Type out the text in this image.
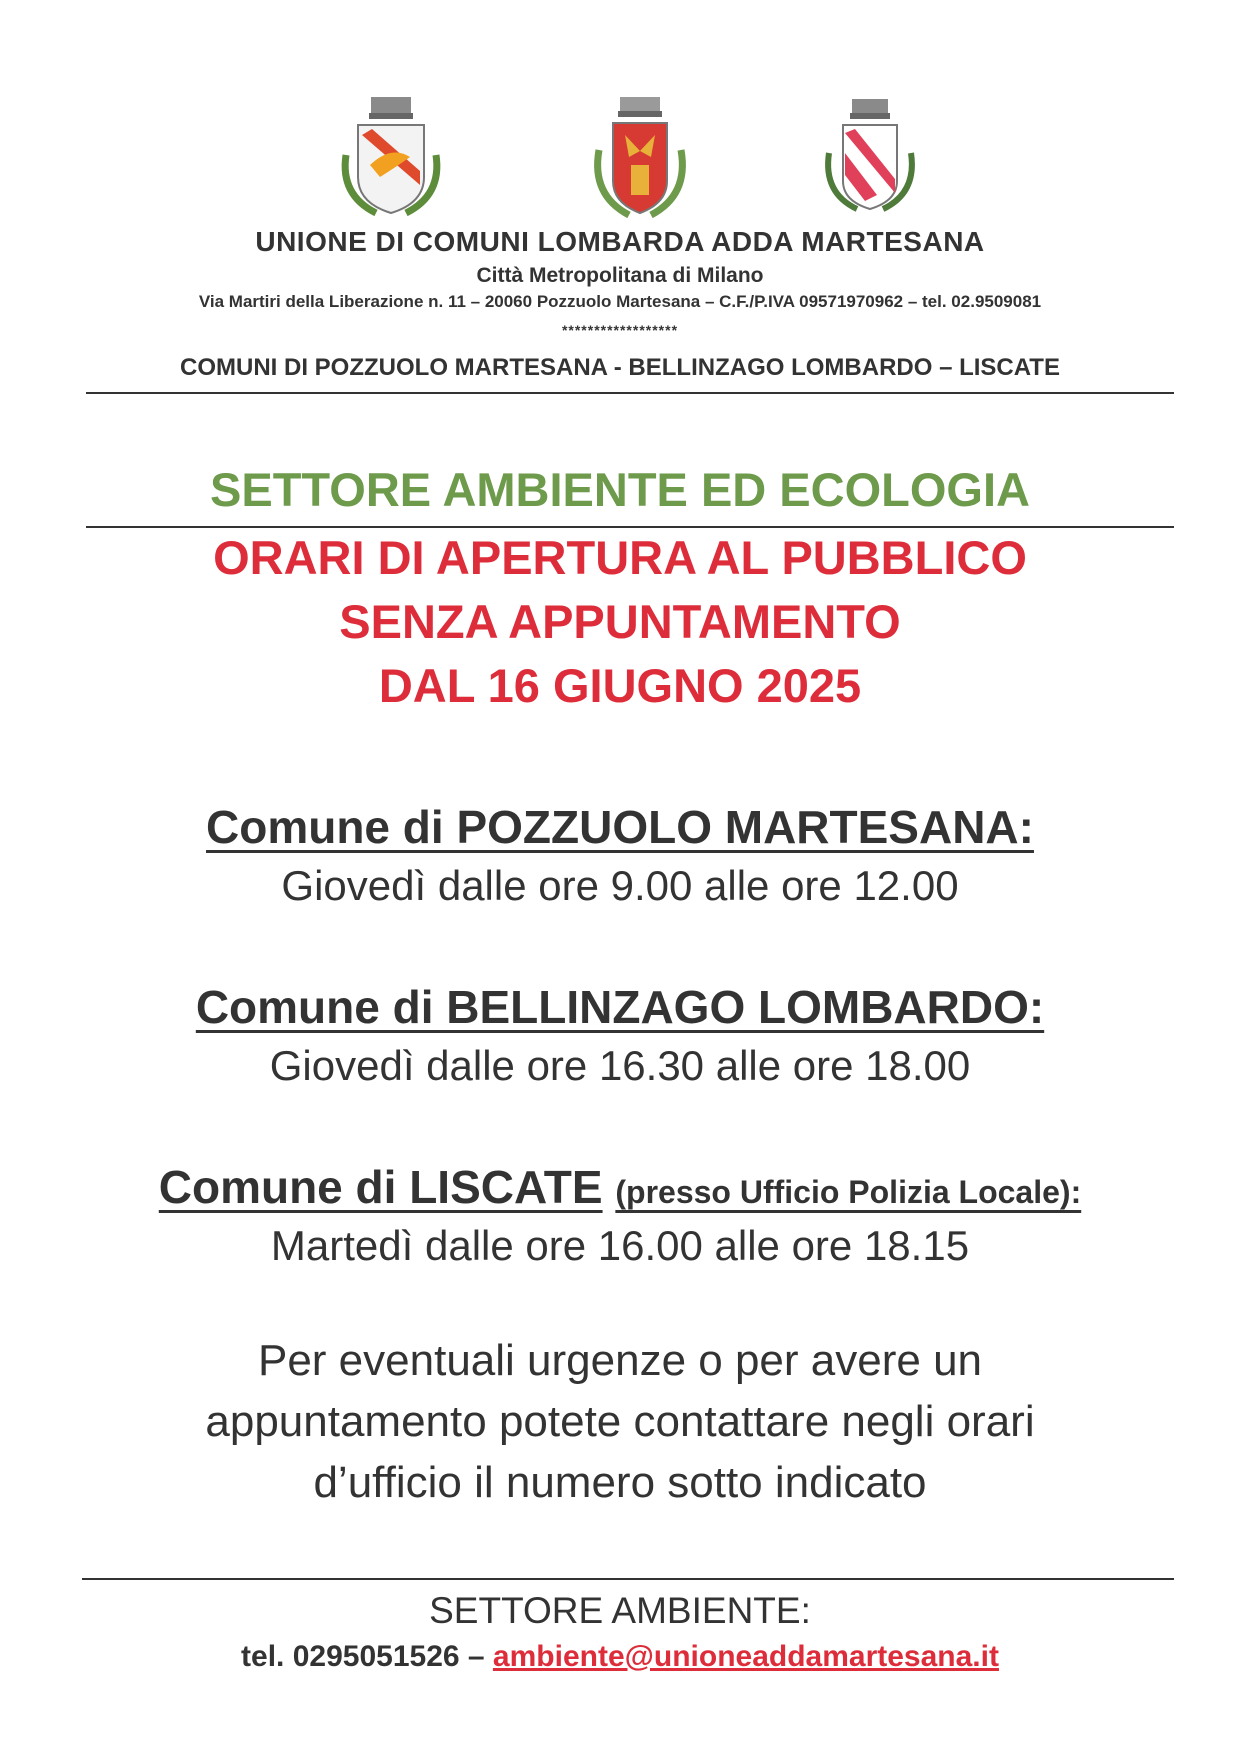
UNIONE DI COMUNI LOMBARDA ADDA MARTESANA
Città Metropolitana di Milano
Via Martiri della Liberazione n. 11 – 20060 Pozzuolo Martesana – C.F./P.IVA 09571970962 – tel. 02.9509081
******************
COMUNI DI POZZUOLO MARTESANA - BELLINZAGO LOMBARDO – LISCATE
SETTORE AMBIENTE ED ECOLOGIA
ORARI DI APERTURA AL PUBBLICO
SENZA APPUNTAMENTO
DAL 16 GIUGNO 2025
Comune di POZZUOLO MARTESANA:
Giovedì dalle ore 9.00 alle ore 12.00
Comune di BELLINZAGO LOMBARDO:
Giovedì dalle ore 16.30 alle ore 18.00
Comune di LISCATE (presso Ufficio Polizia Locale):
Martedì dalle ore 16.00 alle ore 18.15
Per eventuali urgenze o per avere un
appuntamento potete contattare negli orari
d’ufficio il numero sotto indicato
SETTORE AMBIENTE:
tel. 0295051526 – ambiente@unioneaddamartesana.it
